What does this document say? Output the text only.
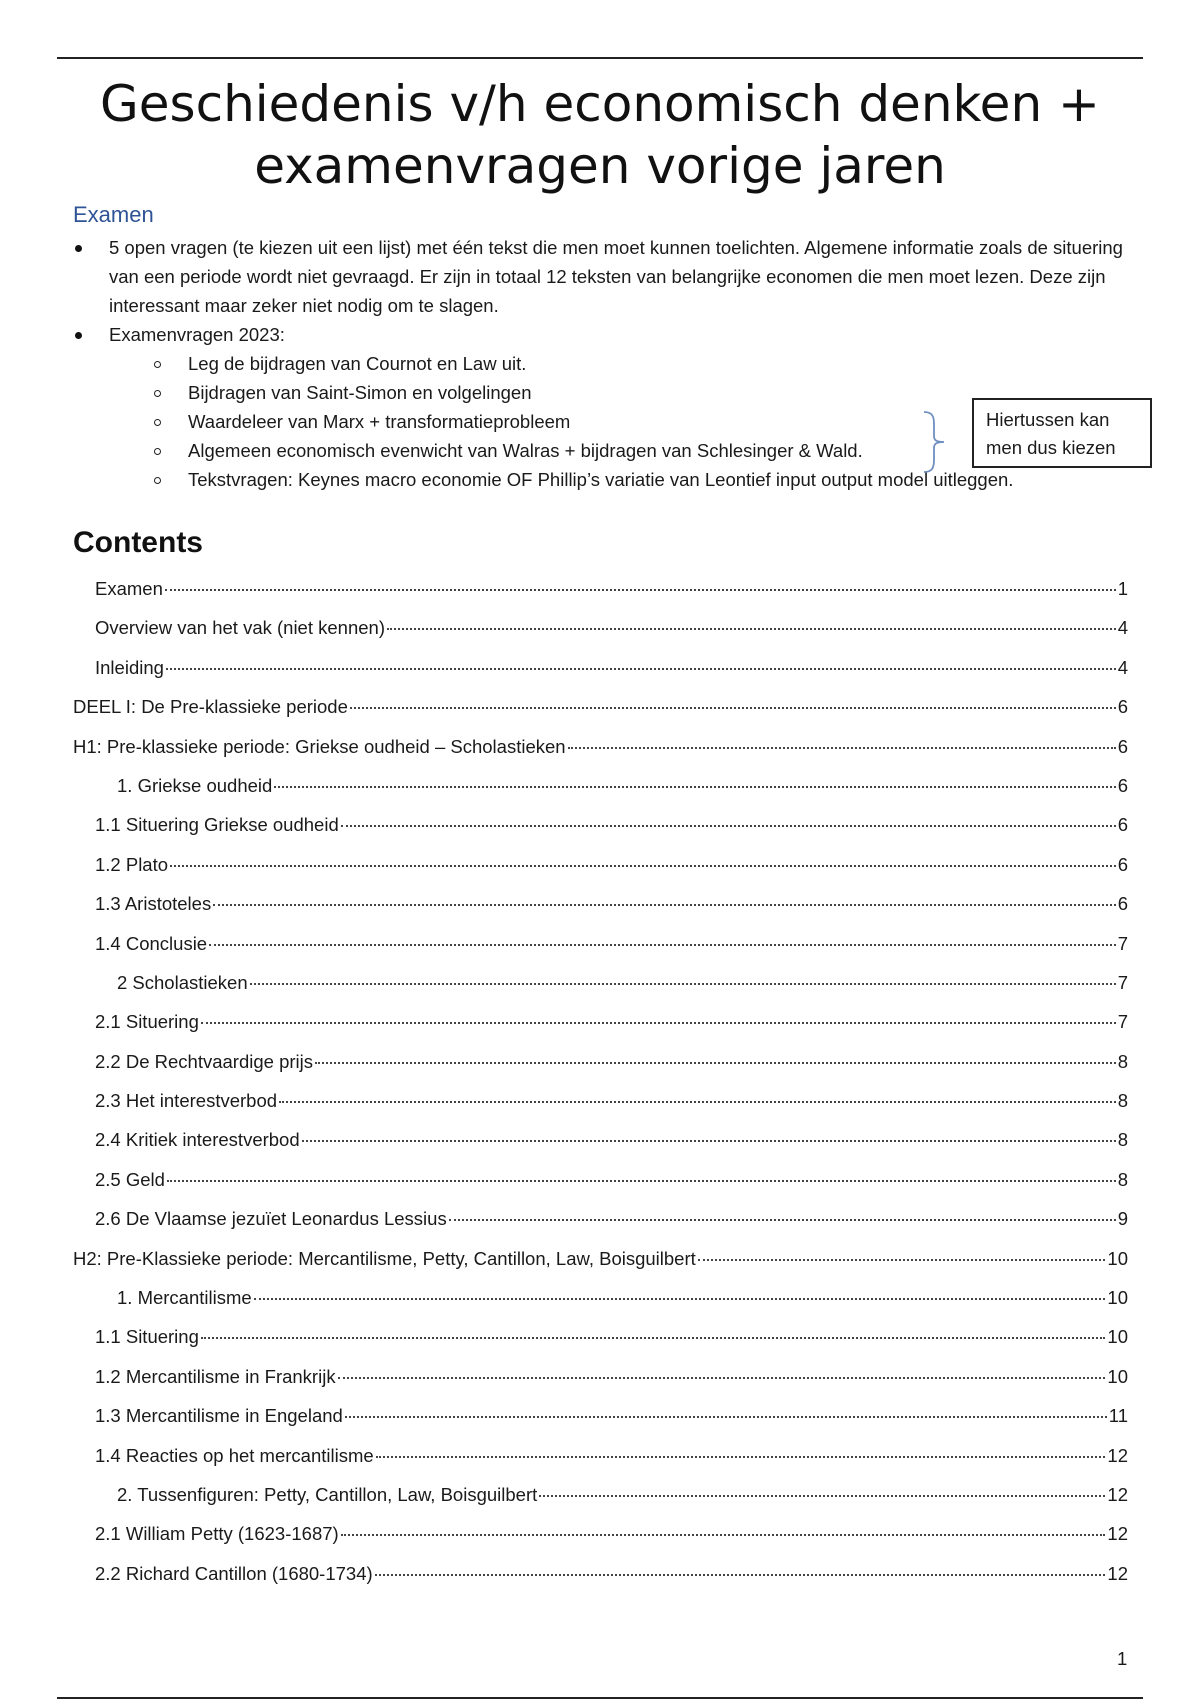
Geschiedenis v/h economisch denken + examenvragen vorige jaren
Examen
5 open vragen (te kiezen uit een lijst) met één tekst die men moet kunnen toelichten. Algemene informatie zoals de situering van een periode wordt niet gevraagd. Er zijn in totaal 12 teksten van belangrijke economen die men moet lezen. Deze zijn interessant maar zeker niet nodig om te slagen.
Examenvragen 2023:
Leg de bijdragen van Cournot en Law uit.
Bijdragen van Saint-Simon en volgelingen
Waardeleer van Marx + transformatieprobleem
Algemeen economisch evenwicht van Walras + bijdragen van Schlesinger & Wald.
Tekstvragen: Keynes macro economie OF Phillip’s variatie van Leontief input output model uitleggen.
Hiertussen kan men dus kiezen
Contents
Examen	1
Overview van het vak (niet kennen)	4
Inleiding	4
DEEL I: De Pre-klassieke periode	6
H1: Pre-klassieke periode: Griekse oudheid – Scholastieken	6
1. Griekse oudheid	6
1.1 Situering Griekse oudheid	6
1.2 Plato	6
1.3 Aristoteles	6
1.4 Conclusie	7
2 Scholastieken	7
2.1 Situering	7
2.2 De Rechtvaardige prijs	8
2.3 Het interestverbod	8
2.4 Kritiek interestverbod	8
2.5 Geld	8
2.6 De Vlaamse jezuïet Leonardus Lessius	9
H2: Pre-Klassieke periode: Mercantilisme, Petty, Cantillon, Law, Boisguilbert	10
1. Mercantilisme	10
1.1 Situering	10
1.2 Mercantilisme in Frankrijk	10
1.3 Mercantilisme in Engeland	11
1.4 Reacties op het mercantilisme	12
2. Tussenfiguren: Petty, Cantillon, Law, Boisguilbert	12
2.1 William Petty (1623-1687)	12
2.2 Richard Cantillon (1680-1734)	12
1
